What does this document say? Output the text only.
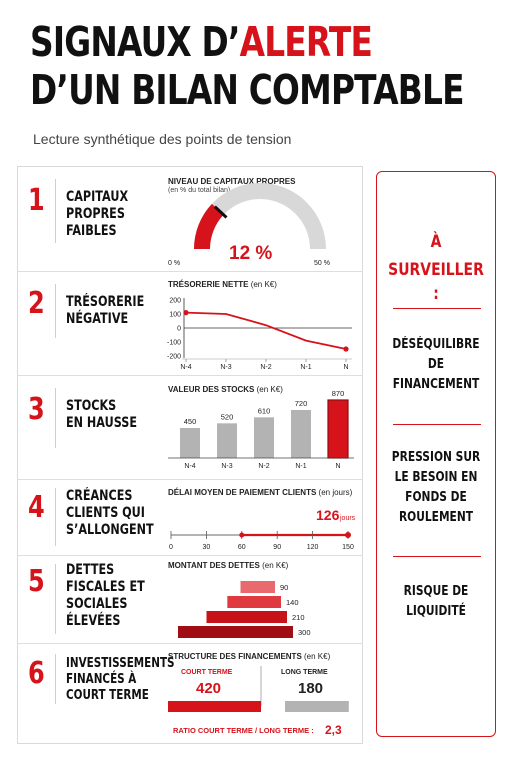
SIGNAUX D’ALERTE
D’UN BILAN COMPTABLE
Lecture synthétique des points de tension
1 CAPITAUX
PROPRES
FAIBLES
NIVEAU DE CAPITAUX PROPRES
(en % du total bilan)
0 %	50 %
12 %
2 TRÉSORERIE
NÉGATIVE
TRÉSORERIE NETTE (en K€)
200
100
0
-100
-200
N-4	N-3	N-2	N-1	N
3 STOCKS
EN HAUSSE
VALEUR DES STOCKS (en K€)
450
N-4
520
N-3
610
N-2
720
N-1
870
N
4 CRÉANCES
CLIENTS QUI
S’ALLONGENT
DÉLAI MOYEN DE PAIEMENT CLIENTS (en jours)
0	30	60	90	120	150
126 jours
5 DETTES
FISCALES ET
SOCIALES
ÉLEVÉES
MONTANT DES DETTES (en K€)
90
140
210
300
6 INVESTISSEMENTS
FINANCÉS À
COURT TERME
STRUCTURE DES FINANCEMENTS (en K€)
COURT TERME
420
LONG TERME
180
RATIO COURT TERME / LONG TERME : 2,3
À
SURVEILLER :
DÉSÉQUILIBRE
DE
FINANCEMENT
PRESSION SUR
LE BESOIN EN
FONDS DE
ROULEMENT
RISQUE DE
LIQUIDITÉ
